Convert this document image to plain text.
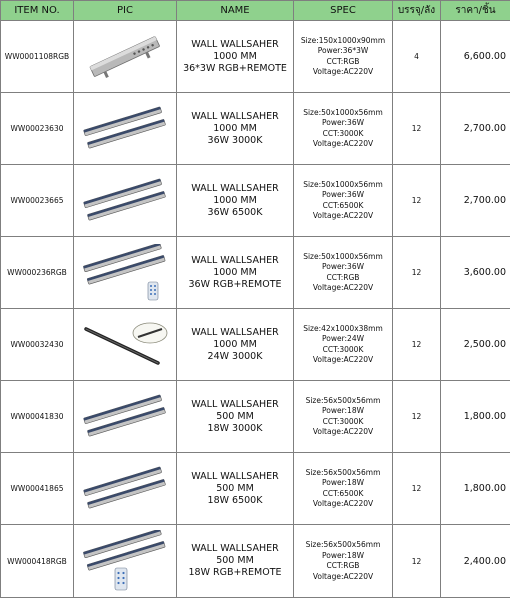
ITEM NO.	PIC	NAME	SPEC	บรรจุ/ลัง	ราคา/ชิ้น
WW0001108RGB		WALL WALLSAHER
1000 MM
36*3W RGB+REMOTE	Size:150x1000x90mm
Power:36*3W
CCT:RGB
Voltage:AC220V	4	6,600.00
WW00023630		WALL WALLSAHER
1000 MM
36W 3000K	Size:50x1000x56mm
Power:36W
CCT:3000K
Voltage:AC220V	12	2,700.00
WW00023665		WALL WALLSAHER
1000 MM
36W 6500K	Size:50x1000x56mm
Power:36W
CCT:6500K
Voltage:AC220V	12	2,700.00
WW000236RGB		WALL WALLSAHER
1000 MM
36W RGB+REMOTE	Size:50x1000x56mm
Power:36W
CCT:RGB
Voltage:AC220V	12	3,600.00
WW00032430		WALL WALLSAHER
1000 MM
24W 3000K	Size:42x1000x38mm
Power:24W
CCT:3000K
Voltage:AC220V	12	2,500.00
WW00041830		WALL WALLSAHER
500 MM
18W 3000K	Size:56x500x56mm
Power:18W
CCT:3000K
Voltage:AC220V	12	1,800.00
WW00041865		WALL WALLSAHER
500 MM
18W 6500K	Size:56x500x56mm
Power:18W
CCT:6500K
Voltage:AC220V	12	1,800.00
WW000418RGB		WALL WALLSAHER
500 MM
18W RGB+REMOTE	Size:56x500x56mm
Power:18W
CCT:RGB
Voltage:AC220V	12	2,400.00
